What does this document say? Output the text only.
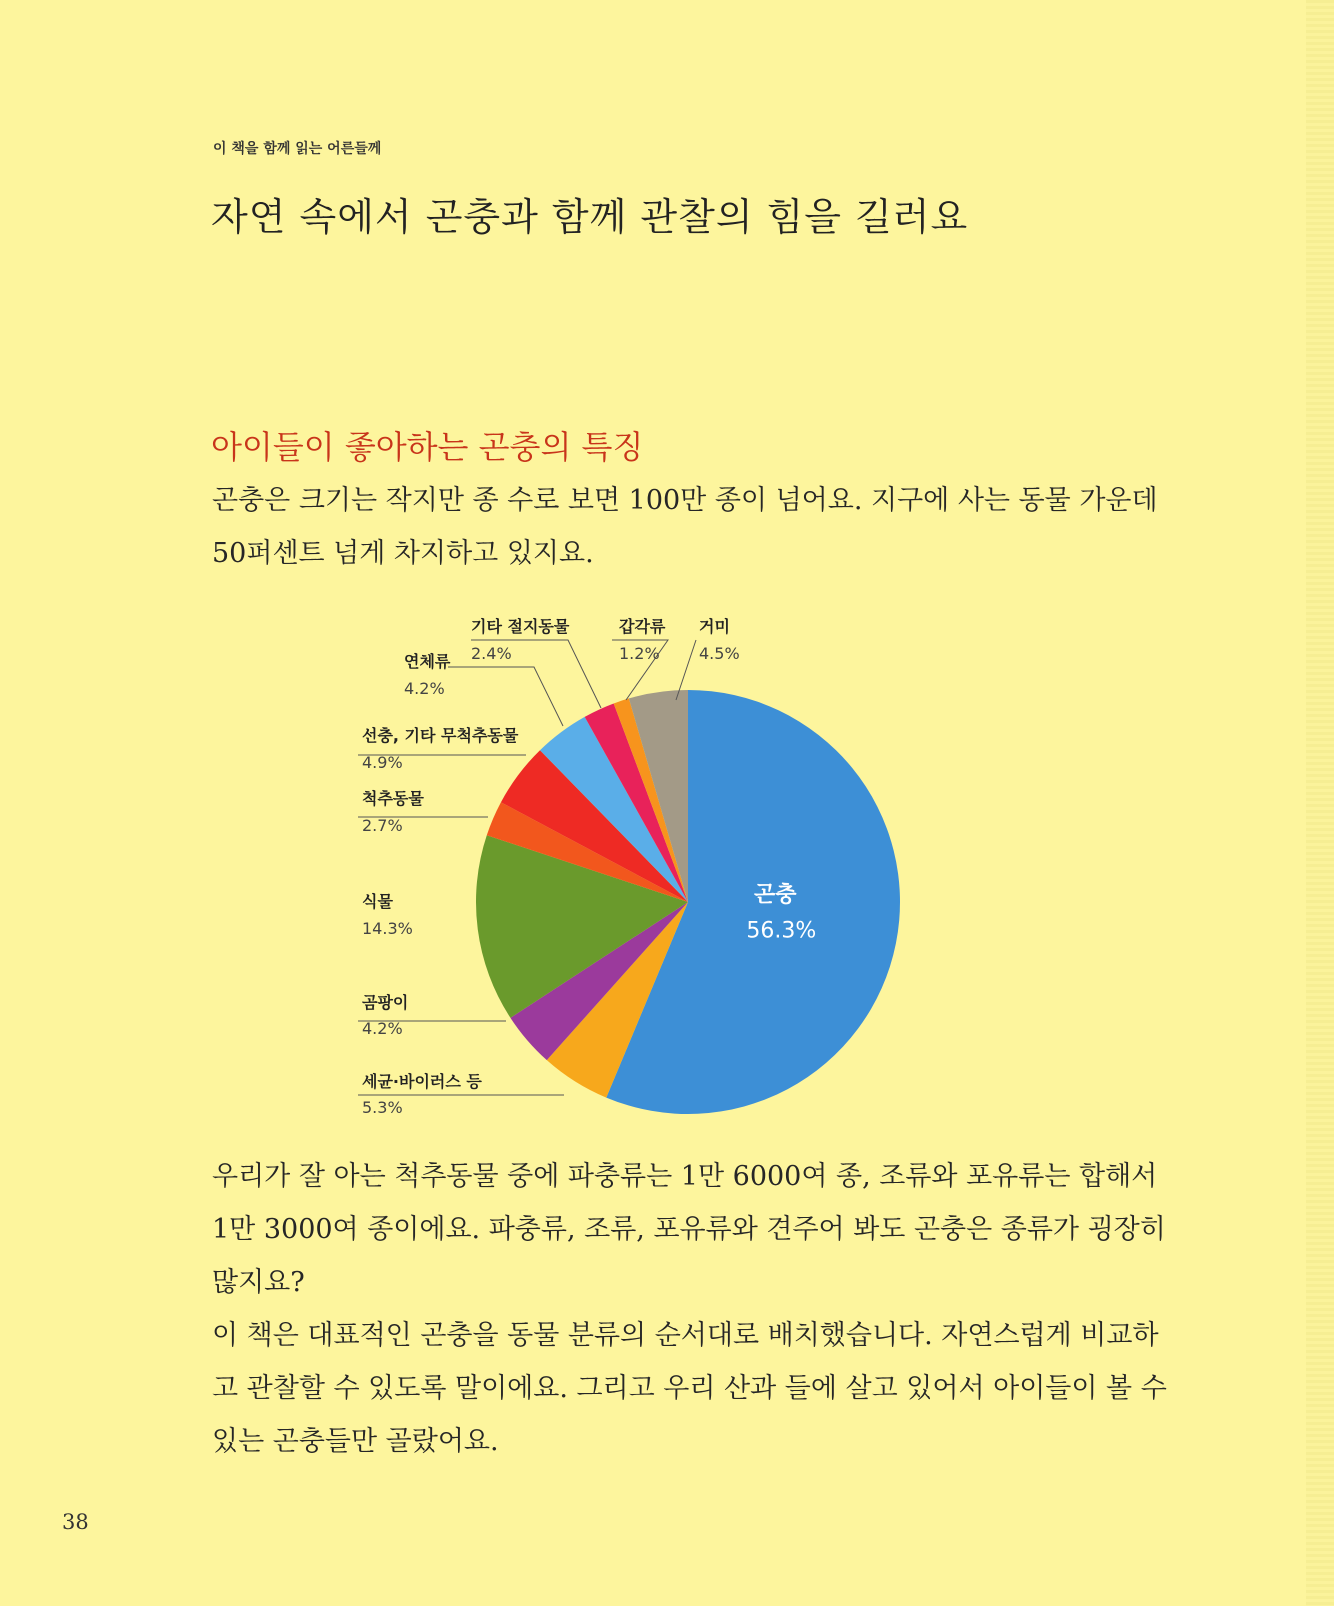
이 책을 함께 읽는 어른들께
자연 속에서 곤충과 함께 관찰의 힘을 길러요
아이들이 좋아하는 곤충의 특징

곤충은 크기는 작지만 종 수로 보면 100만 종이 넘어요. 지구에 사는 동물 가운데 50퍼센트 넘게 차지하고 있지요.

곤충
56.3%
세균·바이러스 등
5.3%
곰팡이
4.2%
식물
14.3%
척추동물
2.7%
선충, 기타 무척추동물
4.9%
연체류
4.2%
기타 절지동물
2.4%
갑각류
1.2%
거미
4.5%

우리가 잘 아는 척추동물 중에 파충류는 1만 6000여 종, 조류와 포유류는 합해서 1만 3000여 종이에요. 파충류, 조류, 포유류와 견주어 봐도 곤충은 종류가 굉장히 많지요?

이 책은 대표적인 곤충을 동물 분류의 순서대로 배치했습니다. 자연스럽게 비교하고 관찰할 수 있도록 말이에요. 그리고 우리 산과 들에 살고 있어서 아이들이 볼 수 있는 곤충들만 골랐어요.

38
